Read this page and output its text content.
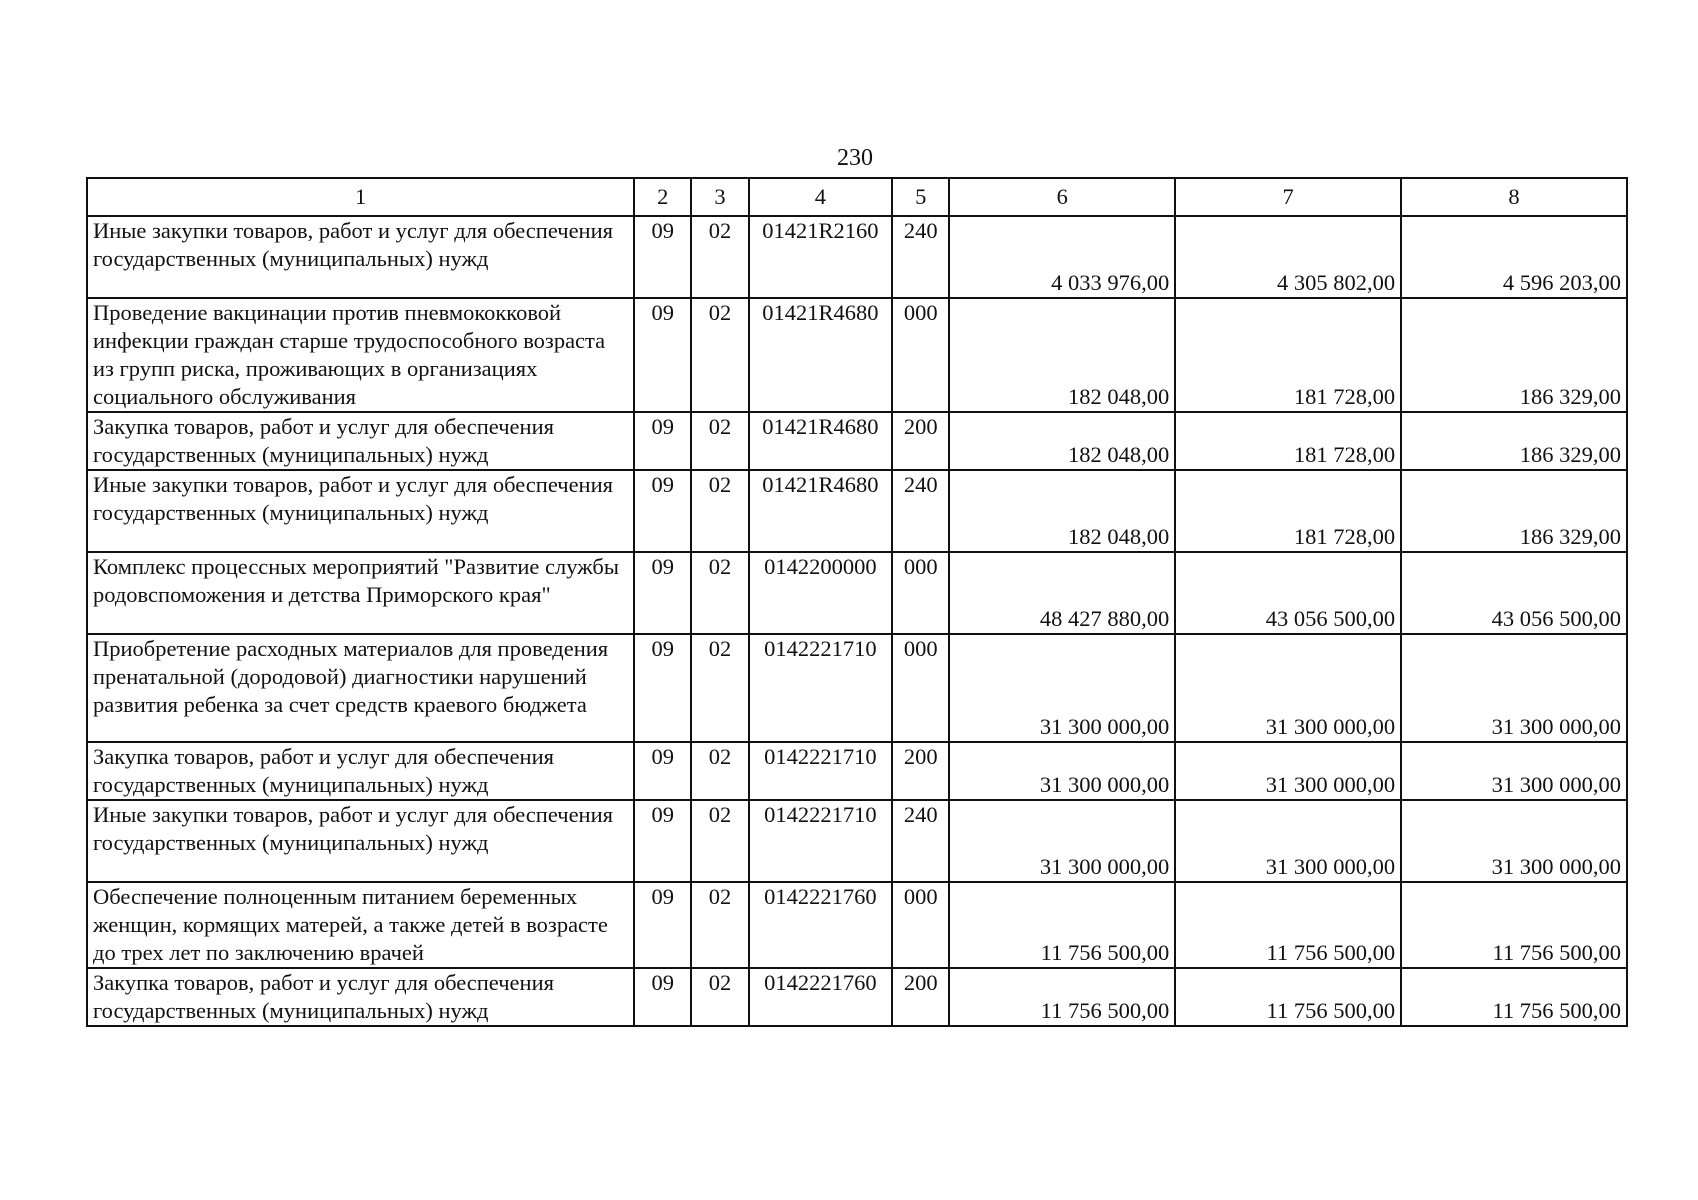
230
1	2	3	4	5	6	7	8
Иные закупки товаров, работ и услуг для обеспечения государственных (муниципальных) нужд	09	02	01421R2160	240	4 033 976,00	4 305 802,00	4 596 203,00
Проведение вакцинации против пневмококковой инфекции граждан старше трудоспособного возраста из групп риска, проживающих в организациях социального обслуживания	09	02	01421R4680	000	182 048,00	181 728,00	186 329,00
Закупка товаров, работ и услуг для обеспечения государственных (муниципальных) нужд	09	02	01421R4680	200	182 048,00	181 728,00	186 329,00
Иные закупки товаров, работ и услуг для обеспечения государственных (муниципальных) нужд	09	02	01421R4680	240	182 048,00	181 728,00	186 329,00
Комплекс процессных мероприятий "Развитие службы родовспоможения и детства Приморского края"	09	02	0142200000	000	48 427 880,00	43 056 500,00	43 056 500,00
Приобретение расходных материалов для проведения пренатальной (дородовой) диагностики нарушений развития ребенка за счет средств краевого бюджета	09	02	0142221710	000	31 300 000,00	31 300 000,00	31 300 000,00
Закупка товаров, работ и услуг для обеспечения государственных (муниципальных) нужд	09	02	0142221710	200	31 300 000,00	31 300 000,00	31 300 000,00
Иные закупки товаров, работ и услуг для обеспечения государственных (муниципальных) нужд	09	02	0142221710	240	31 300 000,00	31 300 000,00	31 300 000,00
Обеспечение полноценным питанием беременных женщин, кормящих матерей, а также детей в возрасте до трех лет по заключению врачей	09	02	0142221760	000	11 756 500,00	11 756 500,00	11 756 500,00
Закупка товаров, работ и услуг для обеспечения государственных (муниципальных) нужд	09	02	0142221760	200	11 756 500,00	11 756 500,00	11 756 500,00
